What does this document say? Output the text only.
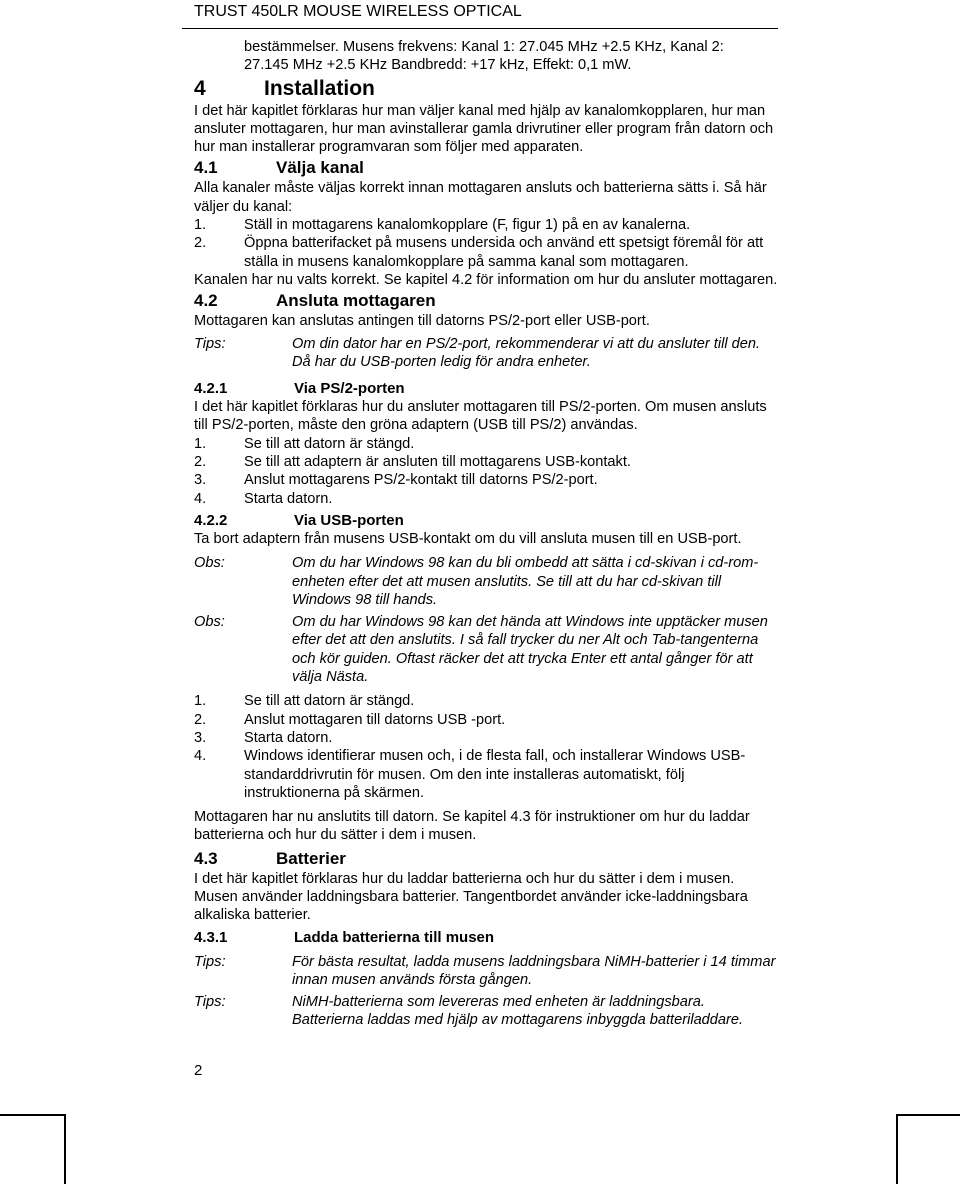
TRUST 450LR MOUSE WIRELESS OPTICAL

bestämmelser. Musens frekvens: Kanal 1: 27.045 MHz +2.5 KHz, Kanal 2:

27.145 MHz +2.5 KHz Bandbredd: +17 kHz, Effekt: 0,1 mW.

4	Installation

I det här kapitlet förklaras hur man väljer kanal med hjälp av kanalomkopplaren, hur man ansluter mottagaren, hur man avinstallerar gamla drivrutiner eller program från datorn och hur man installerar programvaran som följer med apparaten.

4.1	Välja kanal

Alla kanaler måste väljas korrekt innan mottagaren ansluts och batterierna sätts i. Så här väljer du kanal:

1.	Ställ in mottagarens kanalomkopplare (F, figur 1) på en av kanalerna.
2.	Öppna batterifacket på musens undersida och använd ett spetsigt föremål för att ställa in musens kanalomkopplare på samma kanal som mottagaren.

Kanalen har nu valts korrekt. Se kapitel 4.2 för information om hur du ansluter mottagaren.

4.2	Ansluta mottagaren

Mottagaren kan anslutas antingen till datorns PS/2-port eller USB-port.

Tips:	Om din dator har en PS/2-port, rekommenderar vi att du ansluter till den. Då har du USB-porten ledig för andra enheter.
4.2.1	Via PS/2-porten

I det här kapitlet förklaras hur du ansluter mottagaren till PS/2-porten. Om musen ansluts till PS/2-porten, måste den gröna adaptern (USB till PS/2) användas.

1.	Se till att datorn är stängd.
2.	Se till att adaptern är ansluten till mottagarens USB-kontakt.
3.	Anslut mottagarens PS/2-kontakt till datorns PS/2-port.
4.	Starta datorn.
4.2.2	Via USB-porten

Ta bort adaptern från musens USB-kontakt om du vill ansluta musen till en USB-port.

Obs:	Om du har Windows 98 kan du bli ombedd att sätta i cd-skivan i cd-rom-enheten efter det att musen anslutits. Se till att du har cd-skivan till Windows 98 till hands.
Obs:	Om du har Windows 98 kan det hända att Windows inte upptäcker musen efter det att den anslutits. I så fall trycker du ner Alt och Tab-tangenterna och kör guiden. Oftast räcker det att trycka Enter ett antal gånger för att välja Nästa.
1.	Se till att datorn är stängd.
2.	Anslut mottagaren till datorns USB -port.
3.	Starta datorn.
4.	Windows identifierar musen och, i de flesta fall, och installerar Windows USB-standarddrivrutin för musen. Om den inte installeras automatiskt, följ instruktionerna på skärmen.

Mottagaren har nu anslutits till datorn. Se kapitel 4.3 för instruktioner om hur du laddar batterierna och hur du sätter i dem i musen.

4.3	Batterier

I det här kapitlet förklaras hur du laddar batterierna och hur du sätter i dem i musen. Musen använder laddningsbara batterier. Tangentbordet använder icke-laddningsbara alkaliska batterier.

4.3.1	Ladda batterierna till musen
Tips:	För bästa resultat, ladda musens laddningsbara NiMH-batterier i 14 timmar innan musen används första gången.
Tips:	NiMH-batterierna som levereras med enheten är laddningsbara. Batterierna laddas med hjälp av mottagarens inbyggda batteriladdare.
2
